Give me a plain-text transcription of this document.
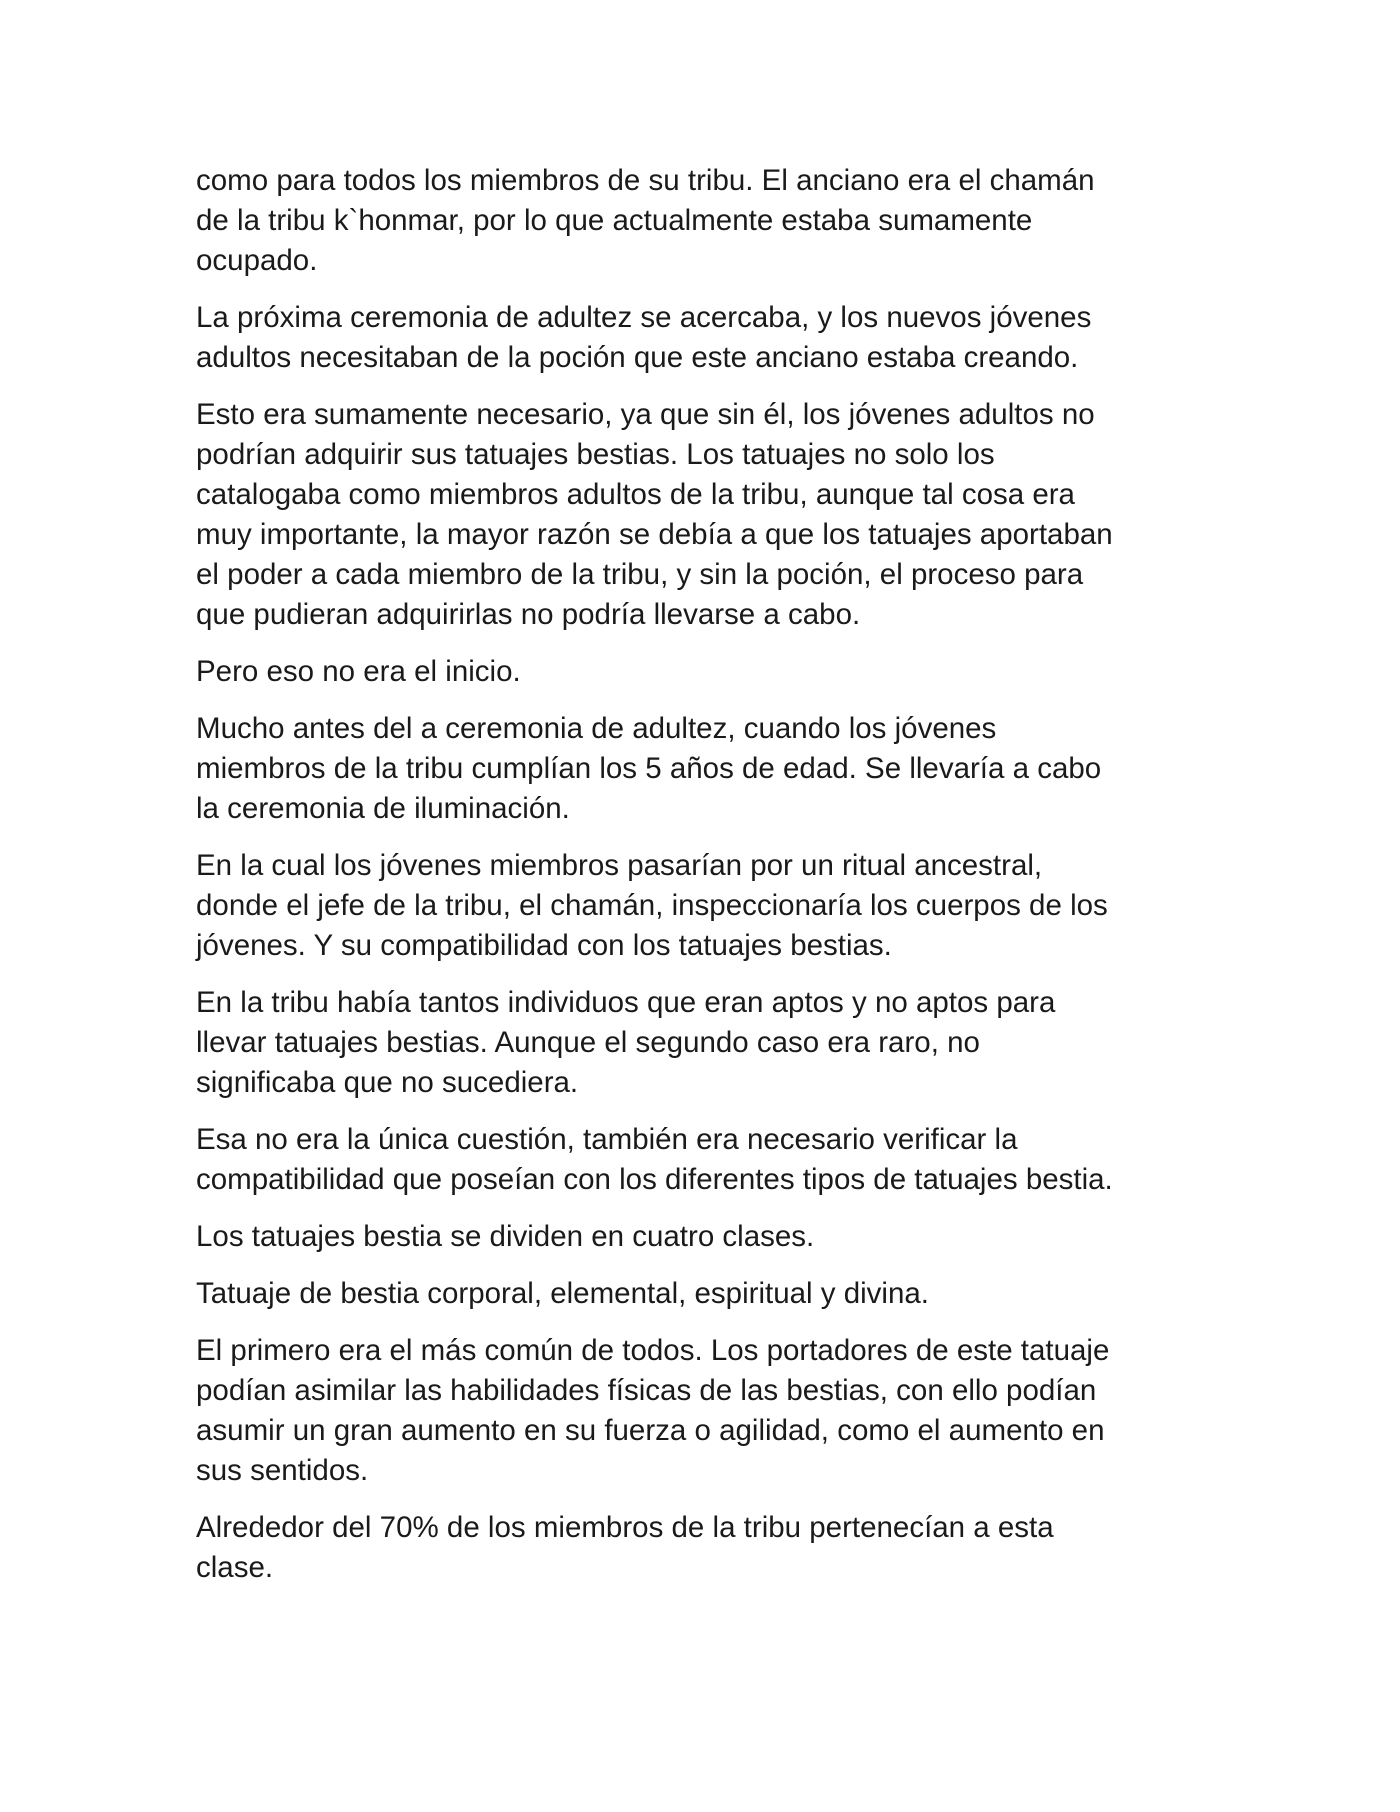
como para todos los miembros de su tribu. El anciano era el chamán
de la tribu k`honmar, por lo que actualmente estaba sumamente
ocupado.

La próxima ceremonia de adultez se acercaba, y los nuevos jóvenes
adultos necesitaban de la poción que este anciano estaba creando.

Esto era sumamente necesario, ya que sin él, los jóvenes adultos no
podrían adquirir sus tatuajes bestias. Los tatuajes no solo los
catalogaba como miembros adultos de la tribu, aunque tal cosa era
muy importante, la mayor razón se debía a que los tatuajes aportaban
el poder a cada miembro de la tribu, y sin la poción, el proceso para
que pudieran adquirirlas no podría llevarse a cabo.

Pero eso no era el inicio.

Mucho antes del a ceremonia de adultez, cuando los jóvenes
miembros de la tribu cumplían los 5 años de edad. Se llevaría a cabo
la ceremonia de iluminación.

En la cual los jóvenes miembros pasarían por un ritual ancestral,
donde el jefe de la tribu, el chamán, inspeccionaría los cuerpos de los
jóvenes. Y su compatibilidad con los tatuajes bestias.

En la tribu había tantos individuos que eran aptos y no aptos para
llevar tatuajes bestias. Aunque el segundo caso era raro, no
significaba que no sucediera.

Esa no era la única cuestión, también era necesario verificar la
compatibilidad que poseían con los diferentes tipos de tatuajes bestia.

Los tatuajes bestia se dividen en cuatro clases.

Tatuaje de bestia corporal, elemental, espiritual y divina.

El primero era el más común de todos. Los portadores de este tatuaje
podían asimilar las habilidades físicas de las bestias, con ello podían
asumir un gran aumento en su fuerza o agilidad, como el aumento en
sus sentidos.

Alrededor del 70% de los miembros de la tribu pertenecían a esta
clase.
